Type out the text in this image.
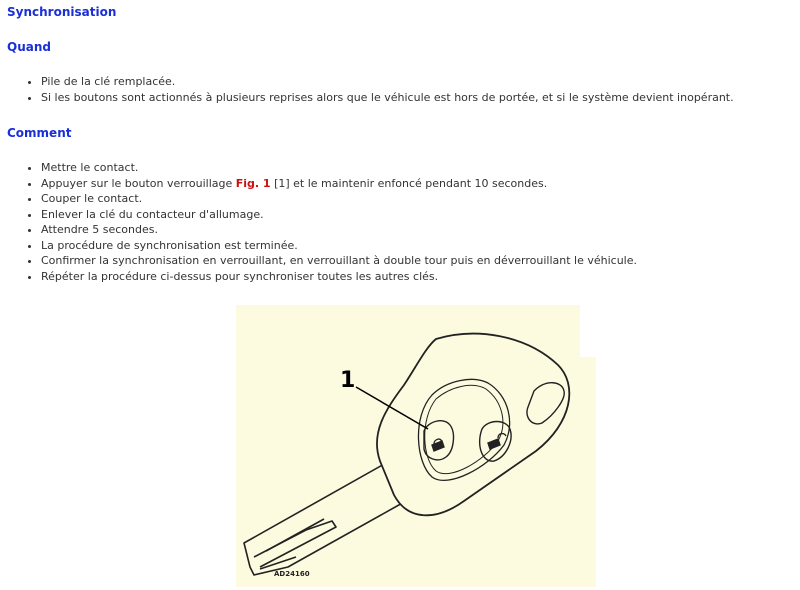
Synchronisation
Quand
• Pile de la clé remplacée.
• Si les boutons sont actionnés à plusieurs reprises alors que le véhicule est hors de portée, et si le système devient inopérant.
Comment
• Mettre le contact.
• Appuyer sur le bouton verrouillage Fig. 1 [1] et le maintenir enfoncé pendant 10 secondes.
• Couper le contact.
• Enlever la clé du contacteur d'allumage.
• Attendre 5 secondes.
• La procédure de synchronisation est terminée.
• Confirmer la synchronisation en verrouillant, en verrouillant à double tour puis en déverrouillant le véhicule.
• Répéter la procédure ci-dessus pour synchroniser toutes les autres clés.
1
AD24160
